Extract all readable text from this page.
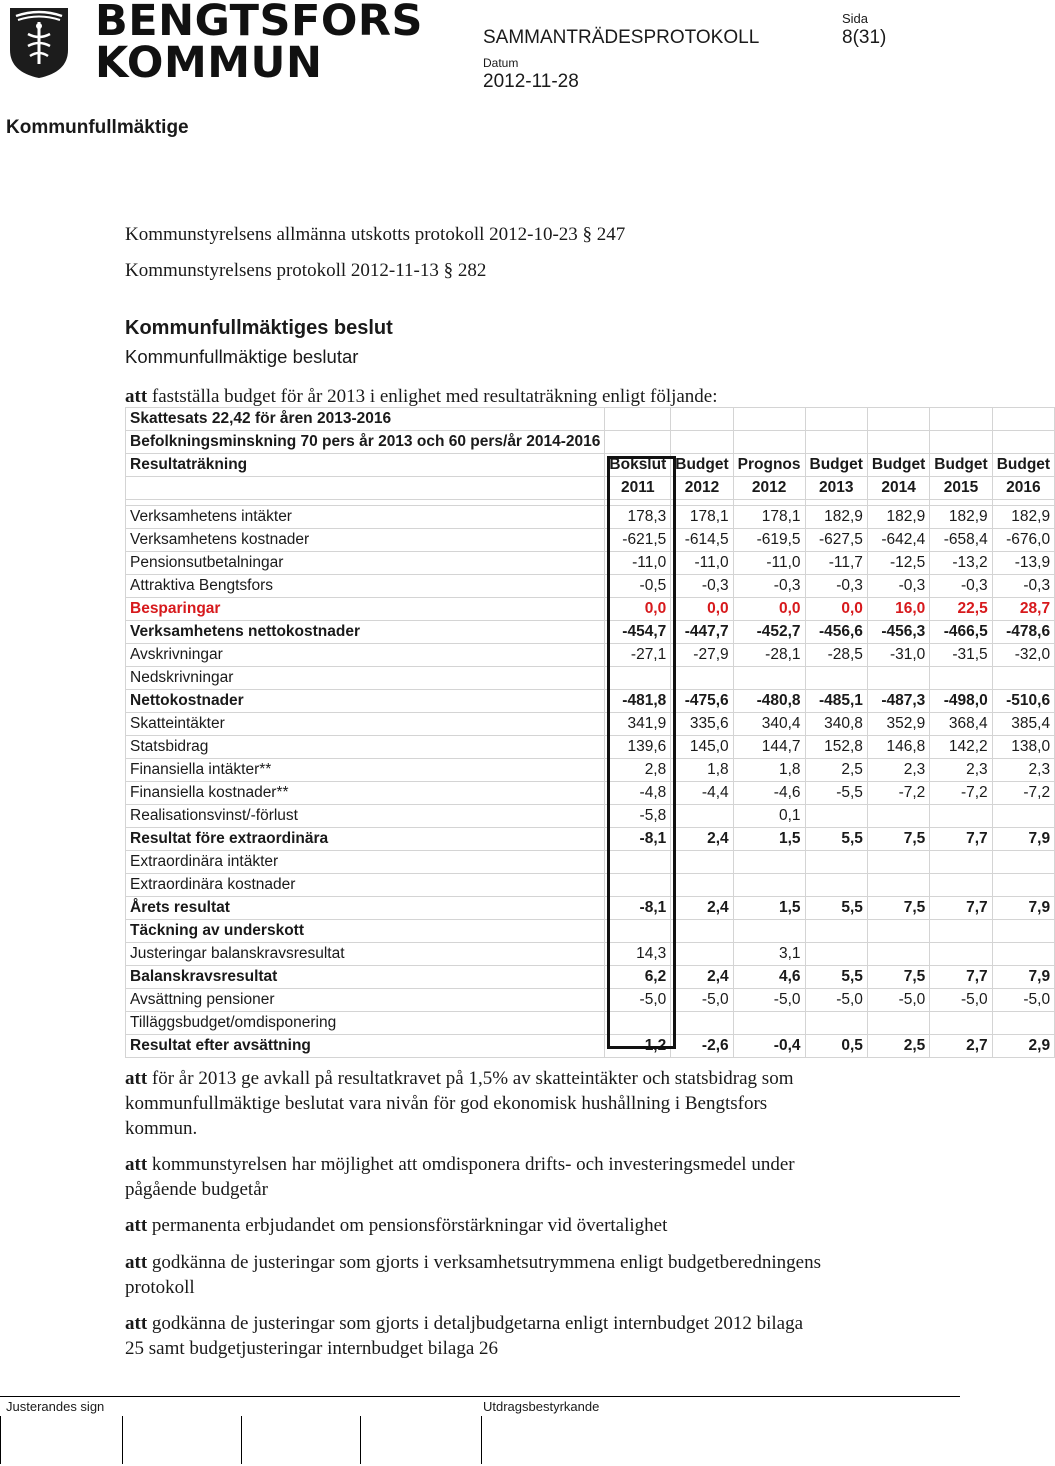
BENGTSFORS
KOMMUN
SAMMANTRÄDESPROTOKOLL
Sida
8(31)
Datum
2012-11-28
Kommunfullmäktige
Kommunstyrelsens allmänna utskotts protokoll 2012-10-23 § 247
Kommunstyrelsens protokoll 2012-11-13 § 282
Kommunfullmäktiges beslut
Kommunfullmäktige beslutar
att fastställa budget för år 2013 i enlighet med resultaträkning enligt följande:
Skattesats 22,42 för åren 2013-2016							
Befolkningsminskning 70 pers år 2013 och 60 pers/år 2014-2016							
Resultaträkning	Bokslut	Budget	Prognos	Budget	Budget	Budget	Budget
	2011	2012	2012	2013	2014	2015	2016

Verksamhetens intäkter	178,3	178,1	178,1	182,9	182,9	182,9	182,9
Verksamhetens kostnader	-621,5	-614,5	-619,5	-627,5	-642,4	-658,4	-676,0
Pensionsutbetalningar	-11,0	-11,0	-11,0	-11,7	-12,5	-13,2	-13,9
Attraktiva Bengtsfors	-0,5	-0,3	-0,3	-0,3	-0,3	-0,3	-0,3
Besparingar	0,0	0,0	0,0	0,0	16,0	22,5	28,7
Verksamhetens nettokostnader	-454,7	-447,7	-452,7	-456,6	-456,3	-466,5	-478,6
Avskrivningar	-27,1	-27,9	-28,1	-28,5	-31,0	-31,5	-32,0
Nedskrivningar							
Nettokostnader	-481,8	-475,6	-480,8	-485,1	-487,3	-498,0	-510,6
Skatteintäkter	341,9	335,6	340,4	340,8	352,9	368,4	385,4
Statsbidrag	139,6	145,0	144,7	152,8	146,8	142,2	138,0
Finansiella intäkter**	2,8	1,8	1,8	2,5	2,3	2,3	2,3
Finansiella kostnader**	-4,8	-4,4	-4,6	-5,5	-7,2	-7,2	-7,2
Realisationsvinst/-förlust	-5,8		0,1				
Resultat före extraordinära	-8,1	2,4	1,5	5,5	7,5	7,7	7,9
Extraordinära intäkter							
Extraordinära kostnader							
Årets resultat	-8,1	2,4	1,5	5,5	7,5	7,7	7,9
Täckning av underskott							
Justeringar balanskravsresultat	14,3		3,1				
Balanskravsresultat	6,2	2,4	4,6	5,5	7,5	7,7	7,9
Avsättning pensioner	-5,0	-5,0	-5,0	-5,0	-5,0	-5,0	-5,0
Tilläggsbudget/omdisponering							
Resultat efter avsättning	1,2	-2,6	-0,4	0,5	2,5	2,7	2,9
att för år 2013 ge avkall på resultatkravet på 1,5% av skatteintäkter och statsbidrag som kommunfullmäktige beslutat vara nivån för god ekonomisk hushållning i Bengtsfors kommun.
att kommunstyrelsen har möjlighet att omdisponera drifts- och investeringsmedel under pågående budgetår
att permanenta erbjudandet om pensionsförstärkningar vid övertalighet
att godkänna de justeringar som gjorts i verksamhetsutrymmena enligt budgetberedningens protokoll
att godkänna de justeringar som gjorts i detaljbudgetarna enligt internbudget 2012 bilaga 25 samt budgetjusteringar internbudget bilaga 26
Justerandes sign	Utdragsbestyrkande
